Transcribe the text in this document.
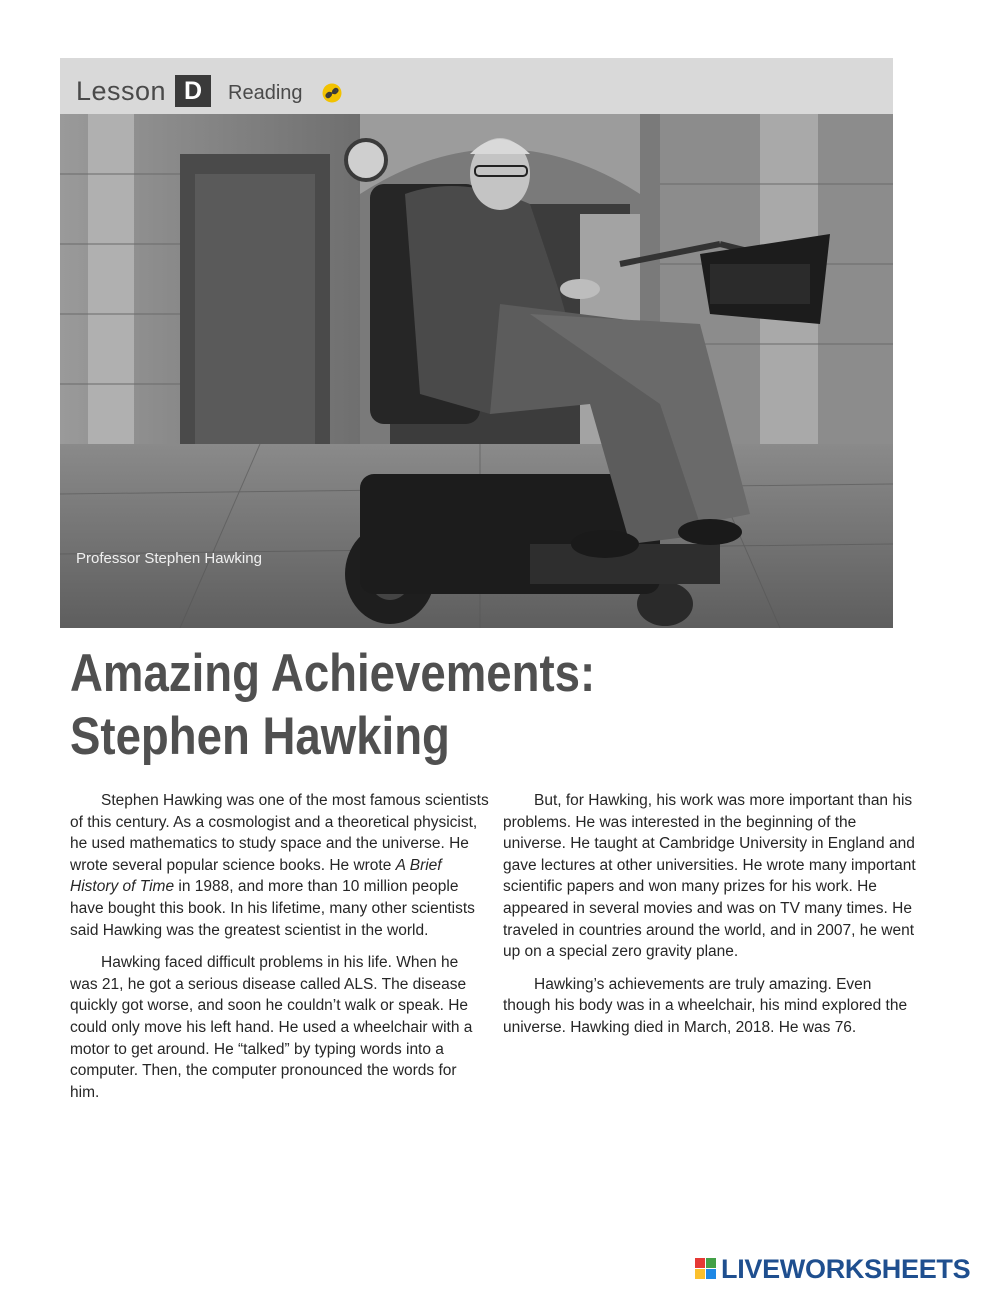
Lesson D	Reading
Professor Stephen Hawking
Amazing Achievements:
Stephen Hawking

Stephen Hawking was one of the most famous scientists of this century. As a cosmologist and a theoretical physicist, he used mathematics to study space and the universe. He wrote several popular science books. He wrote A Brief History of Time in 1988, and more than 10 million people have bought this book. In his lifetime, many other scientists said Hawking was the greatest scientist in the world.

Hawking faced difficult problems in his life. When he was 21, he got a serious disease called ALS. The disease quickly got worse, and soon he couldn’t walk or speak. He could only move his left hand. He used a wheelchair with a motor to get around. He “talked” by typing words into a computer. Then, the computer pronounced the words for him.

But, for Hawking, his work was more important than his problems. He was interested in the beginning of the universe. He taught at Cambridge University in England and gave lectures at other universities. He wrote many important scientific papers and won many prizes for his work. He appeared in several movies and was on TV many times. He traveled in countries around the world, and in 2007, he went up on a special zero gravity plane.

Hawking’s achievements are truly amazing. Even though his body was in a wheelchair, his mind explored the universe. Hawking died in March, 2018. He was 76.

LIVEWORKSHEETS
